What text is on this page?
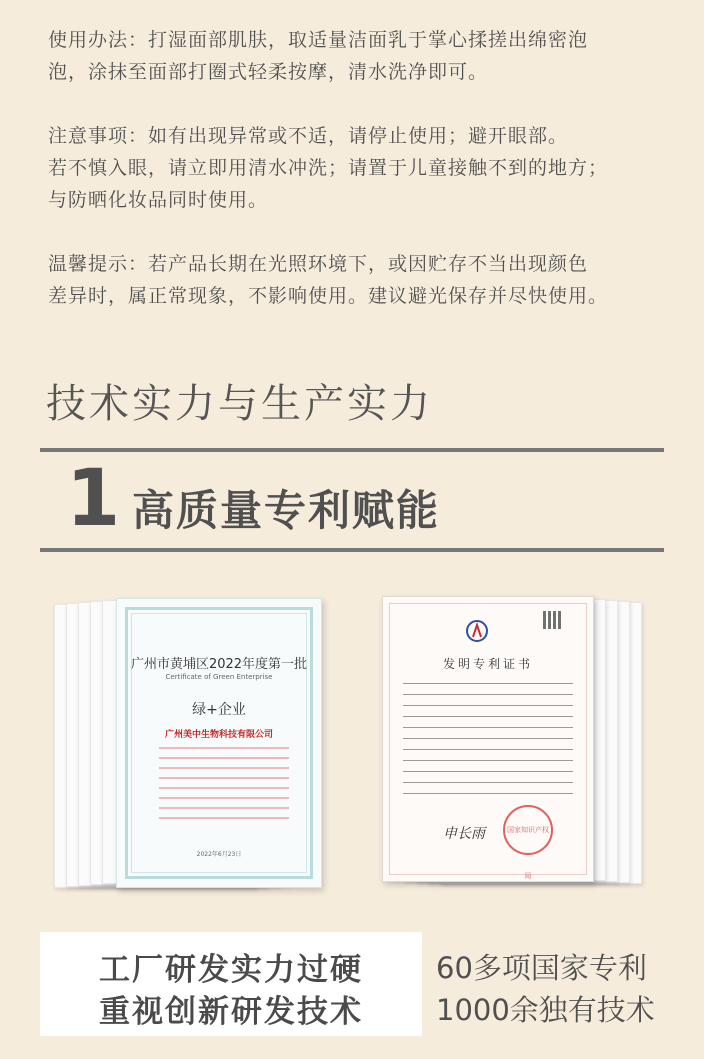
使用办法：打湿面部肌肤，取适量洁面乳于掌心揉搓出绵密泡
泡，涂抹至面部打圈式轻柔按摩，清水洗净即可。
注意事项：如有出现异常或不适，请停止使用；避开眼部。
若不慎入眼，请立即用清水冲洗；请置于儿童接触不到的地方；
与防晒化妆品同时使用。
温馨提示：若产品长期在光照环境下，或因贮存不当出现颜色
差异时，属正常现象，不影响使用。建议避光保存并尽快使用。
技术实力与生产实力
1 高质量专利赋能
广州市黄埔区2022年度第一批
Certificate of Green Enterprise
绿+企业
广州美中生物科技有限公司
2022年6月23日
发明专利证书
申长雨	国家知识产权局
工厂研发实力过硬
重视创新研发技术
60多项国家专利
1000余独有技术
